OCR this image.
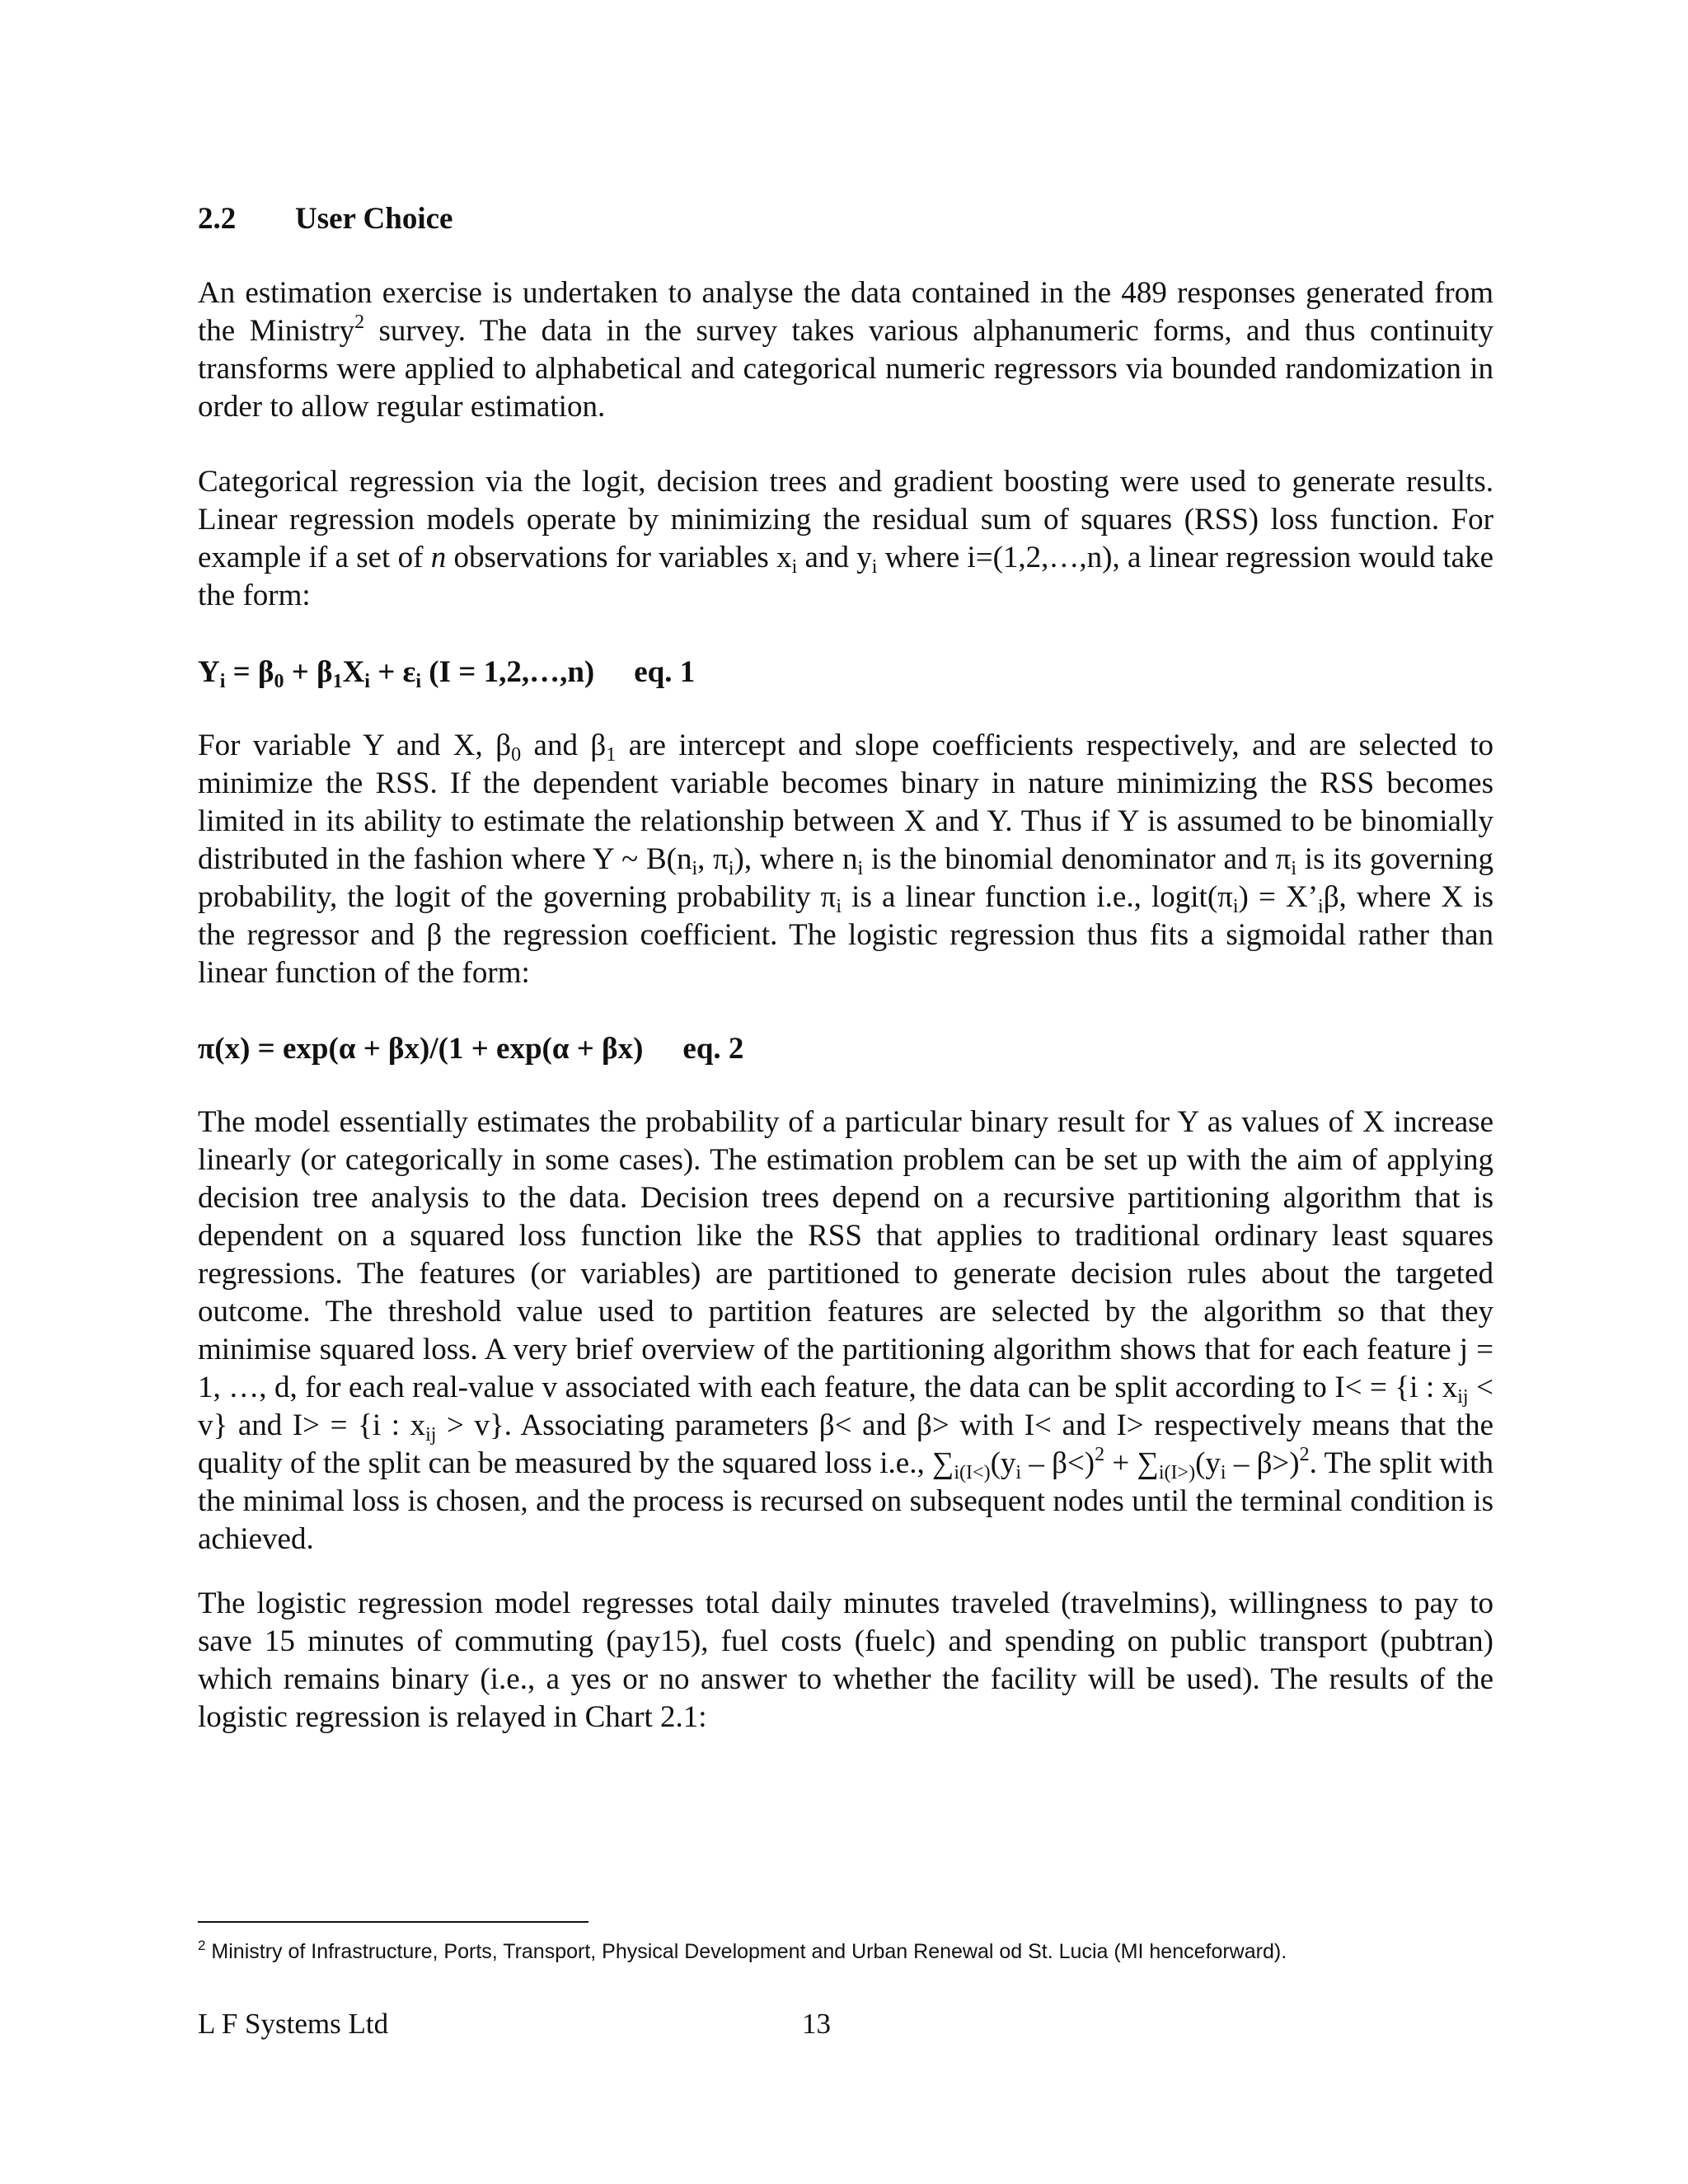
2.2 User Choice

An estimation exercise is undertaken to analyse the data contained in the 489 responses generated from the Ministry$^2$ survey. The data in the survey takes various alphanumeric forms, and thus continuity transforms were applied to alphabetical and categorical numeric regressors via bounded randomization in order to allow regular estimation.

Categorical regression via the logit, decision trees and gradient boosting were used to generate results. Linear regression models operate by minimizing the residual sum of squares (RSS) loss function. For example if a set of n observations for variables $x_i$ and $y_i$ where i=(1,2,…,n), a linear regression would take the form:

$Y_i = \beta_0 + \beta_1X_i + \varepsilon_i$ (I = 1,2,…,n) eq. 1

For variable Y and X, $\beta_0$ and $\beta_1$ are intercept and slope coefficients respectively, and are selected to minimize the RSS. If the dependent variable becomes binary in nature minimizing the RSS becomes limited in its ability to estimate the relationship between X and Y. Thus if Y is assumed to be binomially distributed in the fashion where Y ~ $B(n_i$, $\pi_i$), where $n_i$ is the binomial denominator and $\pi_i$ is its governing probability, the logit of the governing probability $\pi_i$ is a linear function i.e., $logit(\pi_i)$ = $X’_i\beta$, where X is the regressor and β the regression coefficient. The logistic regression thus fits a sigmoidal rather than linear function of the form:

π(x) = exp(α + βx)/(1 + exp(α + βx) eq. 2

The model essentially estimates the probability of a particular binary result for Y as values of X increase linearly (or categorically in some cases). The estimation problem can be set up with the aim of applying decision tree analysis to the data. Decision trees depend on a recursive partitioning algorithm that is dependent on a squared loss function like the RSS that applies to traditional ordinary least squares regressions. The features (or variables) are partitioned to generate decision rules about the targeted outcome. The threshold value used to partition features are selected by the algorithm so that they minimise squared loss. A very brief overview of the partitioning algorithm shows that for each feature j = 1, …, d, for each real-value v associated with each feature, the data can be split according to I< = {i : $x_{ij} < v$} and I> = {i : $x_{ij} > v$}. Associating parameters β< and β> with I< and I> respectively means that the quality of the split can be measured by the squared loss i.e., $\sum_{i(I<)}(y_i - \beta<)^2 + \sum_{i(I>)}(y_i - \beta>)^2$. The split with the minimal loss is chosen, and the process is recursed on subsequent nodes until the terminal condition is achieved.

The logistic regression model regresses total daily minutes traveled (travelmins), willingness to pay to save 15 minutes of commuting (pay15), fuel costs (fuelc) and spending on public transport (pubtran) which remains binary (i.e., a yes or no answer to whether the facility will be used). The results of the logistic regression is relayed in Chart 2.1:

$^2$ Ministry of Infrastructure, Ports, Transport, Physical Development and Urban Renewal od St. Lucia (MI henceforward).
L F Systems Ltd	13
